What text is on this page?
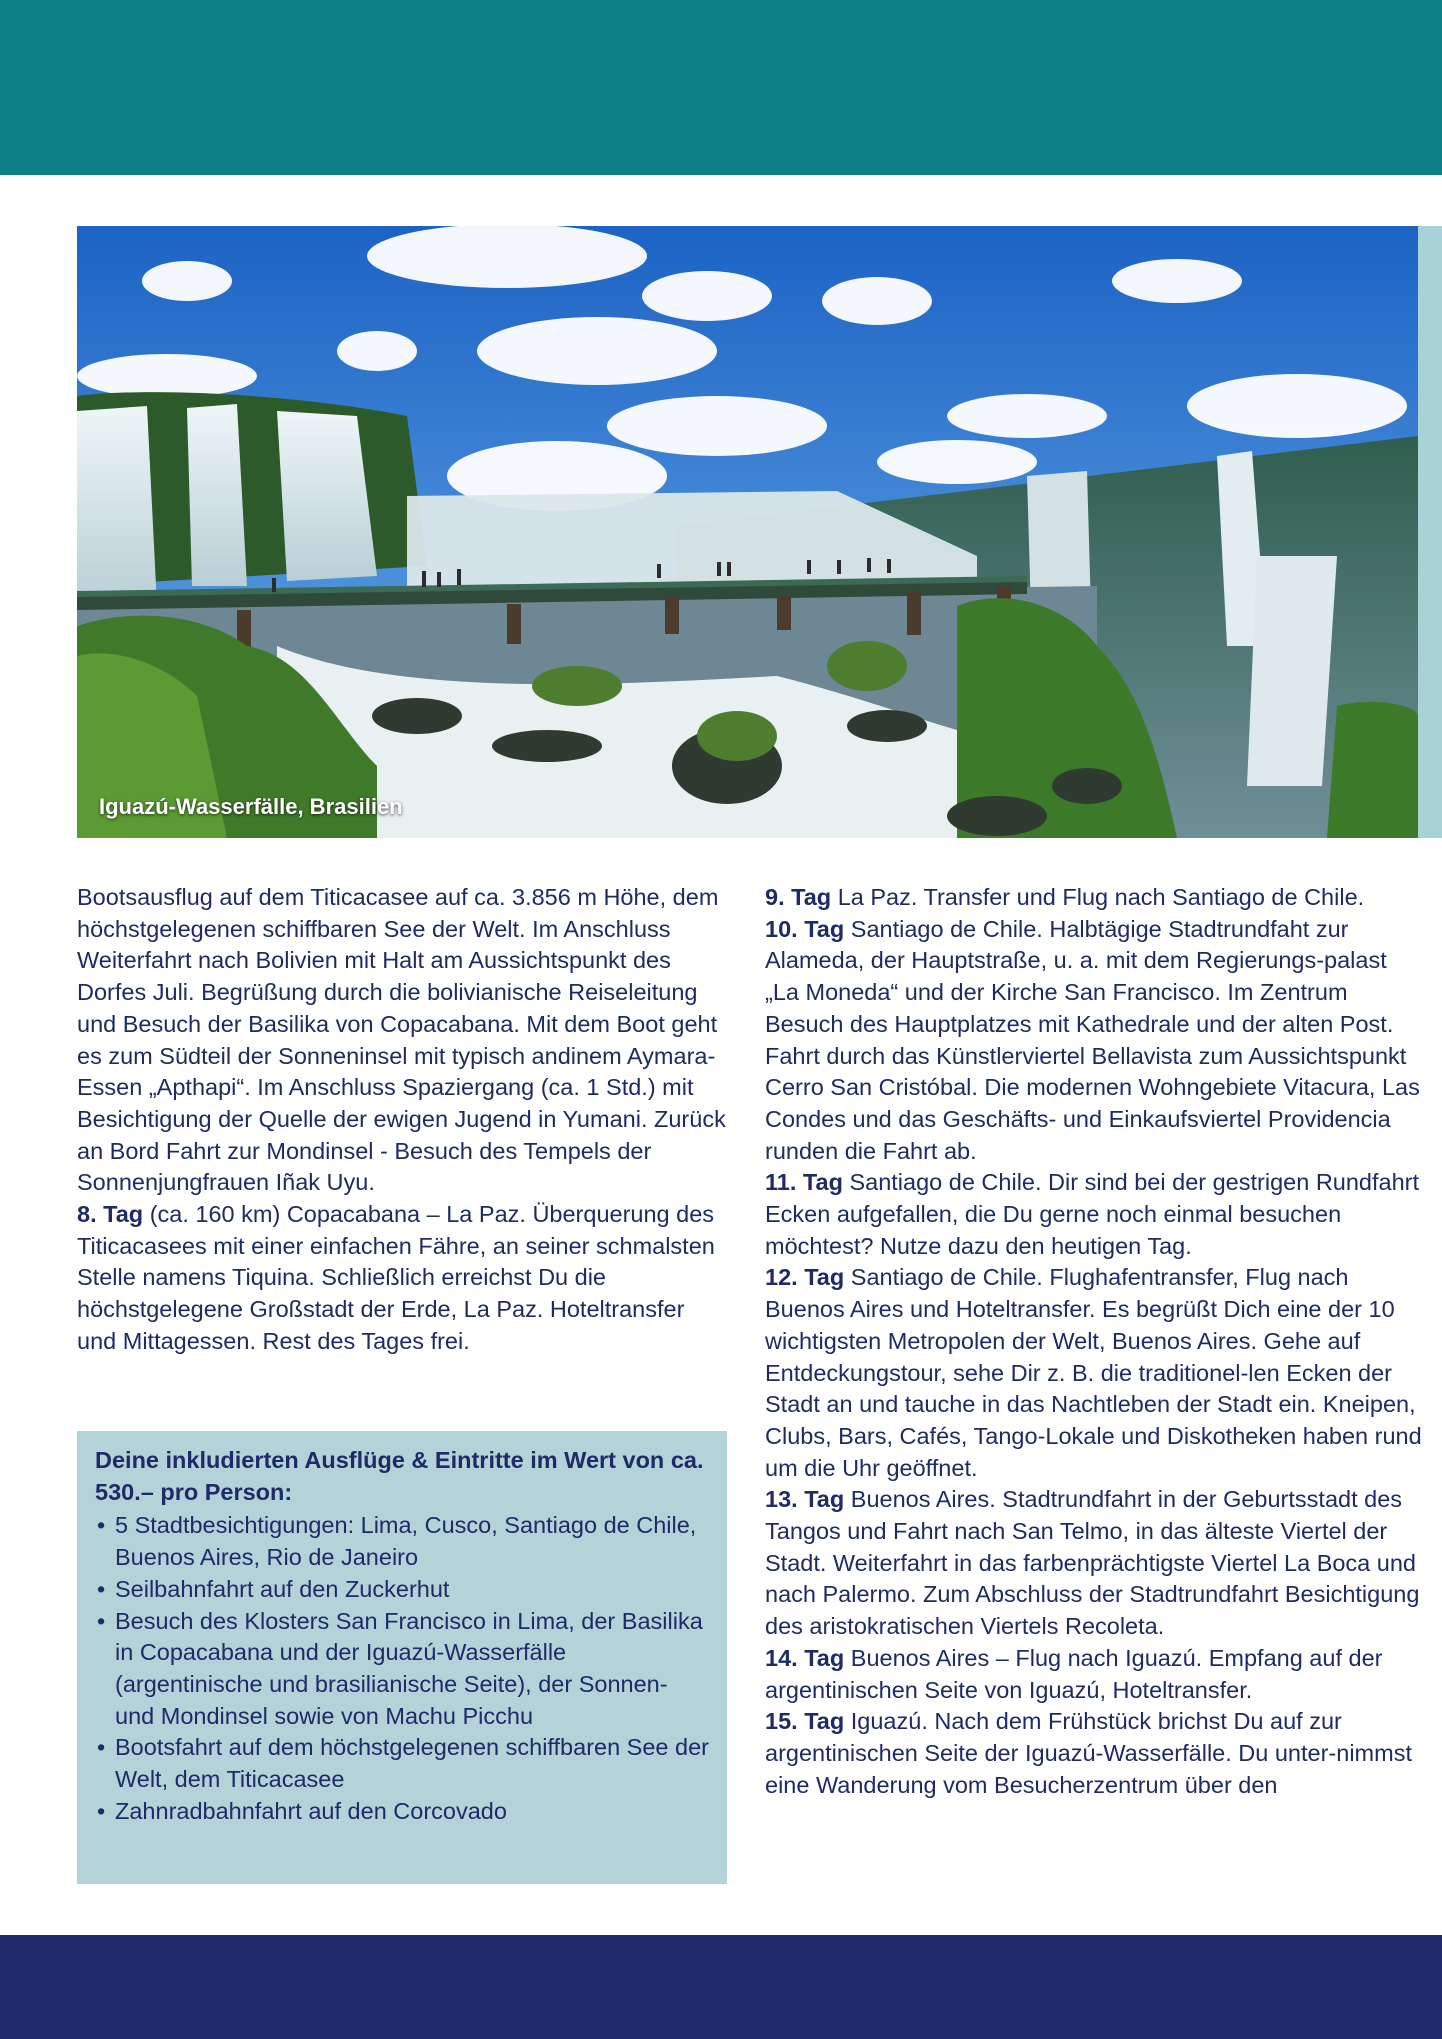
Iguazú-Wasserfälle, Brasilien

Bootsausflug auf dem Titicacasee auf ca. 3.856 m Höhe, dem höchstgelegenen schiffbaren See der Welt. Im Anschluss Weiterfahrt nach Bolivien mit Halt am Aussichtspunkt des Dorfes Juli. Begrüßung durch die bolivianische Reiseleitung und Besuch der Basilika von Copacabana. Mit dem Boot geht es zum Südteil der Sonneninsel mit typisch andinem Aymara-Essen „Apthapi“. Im Anschluss Spaziergang (ca. 1 Std.) mit Besichtigung der Quelle der ewigen Jugend in Yumani. Zurück an Bord Fahrt zur Mondinsel - Besuch des Tempels der Sonnenjungfrauen Iñak Uyu.

8. Tag (ca. 160 km) Copacabana – La Paz. Überquerung des Titicacasees mit einer einfachen Fähre, an seiner schmalsten Stelle namens Tiquina. Schließlich erreichst Du die höchstgelegene Großstadt der Erde, La Paz. Hoteltransfer und Mittagessen. Rest des Tages frei.

Deine inkludierten Ausflüge & Eintritte im Wert von ca. 530.– pro Person:

• 5 Stadtbesichtigungen: Lima, Cusco, Santiago de Chile, Buenos Aires, Rio de Janeiro
• Seilbahnfahrt auf den Zuckerhut
• Besuch des Klosters San Francisco in Lima, der Basilika in Copacabana und der Iguazú-Wasserfälle (argentinische und brasilianische Seite), der Sonnen- und Mondinsel sowie von Machu Picchu
• Bootsfahrt auf dem höchstgelegenen schiffbaren See der Welt, dem Titicacasee
• Zahnradbahnfahrt auf den Corcovado

9. Tag La Paz. Transfer und Flug nach Santiago de Chile.

10. Tag Santiago de Chile. Halbtägige Stadtrundfaht zur Alameda, der Hauptstraße, u. a. mit dem Regierungs-palast „La Moneda“ und der Kirche San Francisco. Im Zentrum Besuch des Hauptplatzes mit Kathedrale und der alten Post. Fahrt durch das Künstlerviertel Bellavista zum Aussichtspunkt Cerro San Cristóbal. Die modernen Wohngebiete Vitacura, Las Condes und das Geschäfts- und Einkaufsviertel Providencia runden die Fahrt ab.

11. Tag Santiago de Chile. Dir sind bei der gestrigen Rundfahrt Ecken aufgefallen, die Du gerne noch einmal besuchen möchtest? Nutze dazu den heutigen Tag.

12. Tag Santiago de Chile. Flughafentransfer, Flug nach Buenos Aires und Hoteltransfer. Es begrüßt Dich eine der 10 wichtigsten Metropolen der Welt, Buenos Aires. Gehe auf Entdeckungstour, sehe Dir z. B. die traditionel-len Ecken der Stadt an und tauche in das Nachtleben der Stadt ein. Kneipen, Clubs, Bars, Cafés, Tango-Lokale und Diskotheken haben rund um die Uhr geöffnet.

13. Tag Buenos Aires. Stadtrundfahrt in der Geburtsstadt des Tangos und Fahrt nach San Telmo, in das älteste Viertel der Stadt. Weiterfahrt in das farbenprächtigste Viertel La Boca und nach Palermo. Zum Abschluss der Stadtrundfahrt Besichtigung des aristokratischen Viertels Recoleta.

14. Tag Buenos Aires – Flug nach Iguazú. Empfang auf der argentinischen Seite von Iguazú, Hoteltransfer.

15. Tag Iguazú. Nach dem Frühstück brichst Du auf zur argentinischen Seite der Iguazú-Wasserfälle. Du unter-nimmst eine Wanderung vom Besucherzentrum über den
